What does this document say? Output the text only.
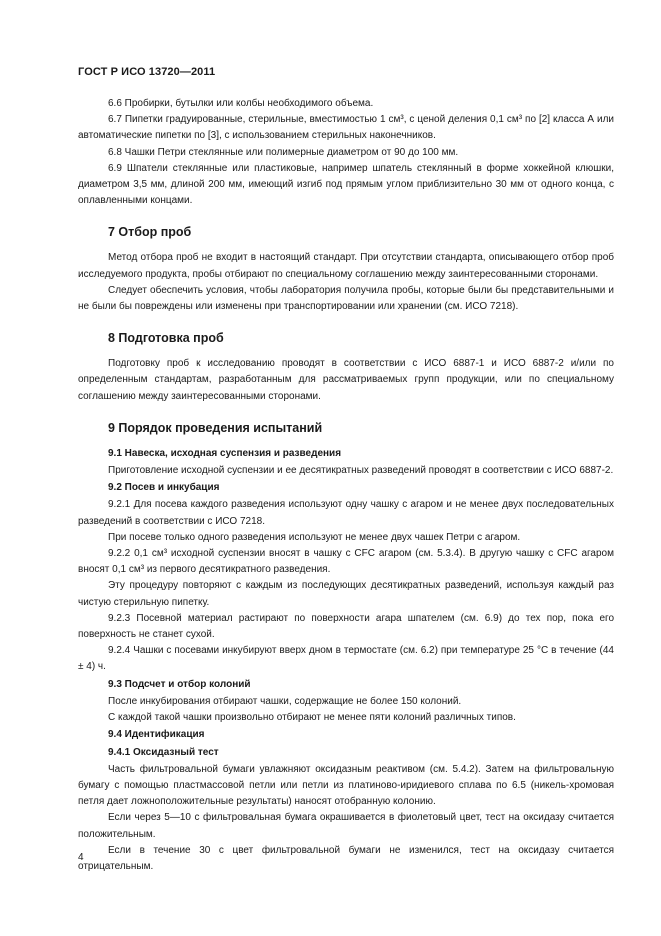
ГОСТ Р ИСО 13720—2011

6.6 Пробирки, бутылки или колбы необходимого объема.

6.7 Пипетки градуированные, стерильные, вместимостью 1 см³, с ценой деления 0,1 см³ по [2] класса А или автоматические пипетки по [3], с использованием стерильных наконечников.

6.8 Чашки Петри стеклянные или полимерные диаметром от 90 до 100 мм.

6.9 Шпатели стеклянные или пластиковые, например шпатель стеклянный в форме хоккейной клюшки, диаметром 3,5 мм, длиной 200 мм, имеющий изгиб под прямым углом приблизительно 30 мм от одного конца, с оплавленными концами.

7 Отбор проб

Метод отбора проб не входит в настоящий стандарт. При отсутствии стандарта, описывающего отбор проб исследуемого продукта, пробы отбирают по специальному соглашению между заинтересованными сторонами.

Следует обеспечить условия, чтобы лаборатория получила пробы, которые были бы представительными и не были бы повреждены или изменены при транспортировании или хранении (см. ИСО 7218).

8 Подготовка проб

Подготовку проб к исследованию проводят в соответствии с ИСО 6887-1 и ИСО 6887-2 и/или по определенным стандартам, разработанным для рассматриваемых групп продукции, или по специальному соглашению между заинтересованными сторонами.

9 Порядок проведения испытаний
9.1 Навеска, исходная суспензия и разведения

Приготовление исходной суспензии и ее десятикратных разведений проводят в соответствии с ИСО 6887-2.

9.2 Посев и инкубация

9.2.1 Для посева каждого разведения используют одну чашку с агаром и не менее двух последовательных разведений в соответствии с ИСО 7218.

При посеве только одного разведения используют не менее двух чашек Петри с агаром.

9.2.2 0,1 см³ исходной суспензии вносят в чашку с CFC агаром (см. 5.3.4). В другую чашку с CFC агаром вносят 0,1 см³ из первого десятикратного разведения.

Эту процедуру повторяют с каждым из последующих десятикратных разведений, используя каждый раз чистую стерильную пипетку.

9.2.3 Посевной материал растирают по поверхности агара шпателем (см. 6.9) до тех пор, пока его поверхность не станет сухой.

9.2.4 Чашки с посевами инкубируют вверх дном в термостате (см. 6.2) при температуре 25 °С в течение (44 ± 4) ч.

9.3 Подсчет и отбор колоний

После инкубирования отбирают чашки, содержащие не более 150 колоний.

С каждой такой чашки произвольно отбирают не менее пяти колоний различных типов.

9.4 Идентификация
9.4.1 Оксидазный тест

Часть фильтровальной бумаги увлажняют оксидазным реактивом (см. 5.4.2). Затем на фильтровальную бумагу с помощью пластмассовой петли или петли из платиново-иридиевого сплава по 6.5 (никель-хромовая петля дает ложноположительные результаты) наносят отобранную колонию.

Если через 5—10 с фильтровальная бумага окрашивается в фиолетовый цвет, тест на оксидазу считается положительным.

Если в течение 30 с цвет фильтровальной бумаги не изменился, тест на оксидазу считается отрицательным.

4
